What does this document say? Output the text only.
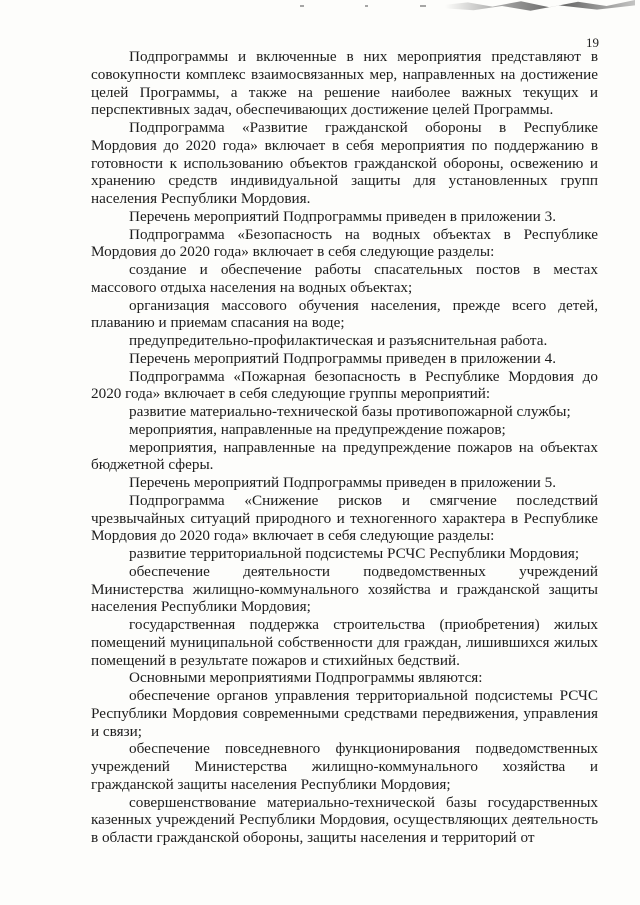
19

Подпрограммы и включенные в них мероприятия представляют в совокупности комплекс взаимосвязанных мер, направленных на достижение целей Программы, а также на решение наиболее важных текущих и перспективных задач, обеспечивающих достижение целей Программы.

Подпрограмма «Развитие гражданской обороны в Республике Мордовия до 2020 года» включает в себя мероприятия по поддержанию в готовности к использованию объектов гражданской обороны, освежению и хранению средств индивидуальной защиты для установленных групп населения Республики Мордовия.

Перечень мероприятий Подпрограммы приведен в приложении 3.

Подпрограмма «Безопасность на водных объектах в Республике Мордовия до 2020 года» включает в себя следующие разделы:

создание и обеспечение работы спасательных постов в местах массового отдыха населения на водных объектах;

организация массового обучения населения, прежде всего детей, плаванию и приемам спасания на воде;

предупредительно-профилактическая и разъяснительная работа.

Перечень мероприятий Подпрограммы приведен в приложении 4.

Подпрограмма «Пожарная безопасность в Республике Мордовия до 2020 года» включает в себя следующие группы мероприятий:

развитие материально-технической базы противопожарной службы;

мероприятия, направленные на предупреждение пожаров;

мероприятия, направленные на предупреждение пожаров на объектах бюджетной сферы.

Перечень мероприятий Подпрограммы приведен в приложении 5.

Подпрограмма «Снижение рисков и смягчение последствий чрезвычайных ситуаций природного и техногенного характера в Республике Мордовия до 2020 года» включает в себя следующие разделы:

развитие территориальной подсистемы РСЧС Республики Мордовия;

обеспечение деятельности подведомственных учреждений Министерства жилищно-коммунального хозяйства и гражданской защиты населения Республики Мордовия;

государственная поддержка строительства (приобретения) жилых помещений муниципальной собственности для граждан, лишившихся жилых помещений в результате пожаров и стихийных бедствий.

Основными мероприятиями Подпрограммы являются:

обеспечение органов управления территориальной подсистемы РСЧС Республики Мордовия современными средствами передвижения, управления и связи;

обеспечение повседневного функционирования подведомственных учреждений Министерства жилищно-коммунального хозяйства и гражданской защиты населения Республики Мордовия;

совершенствование материально-технической базы государственных казенных учреждений Республики Мордовия, осуществляющих деятельность в области гражданской обороны, защиты населения и территорий от
